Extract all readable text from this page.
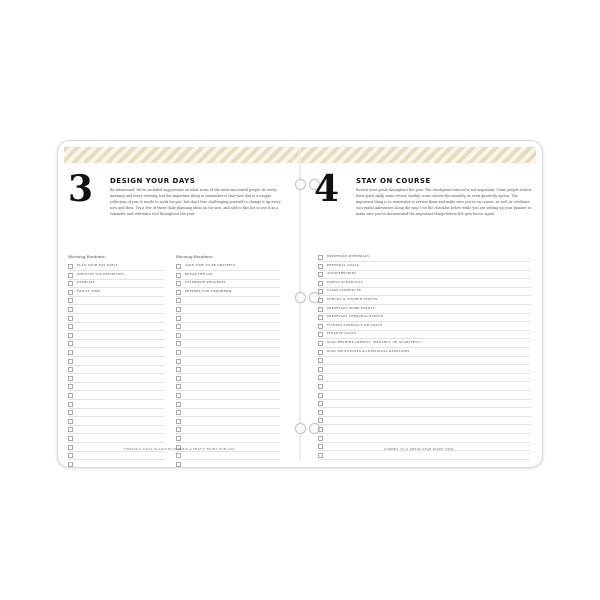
3 DESIGN YOUR DAYS

Be intentional. We've included suggestions on what some of the most successful people do every morning and every evening, but the important thing to remember is that your day is a unique reflection of you. It needs to work for you, but don't fear challenging yourself to change it up every now and then. Try a few of these daily planning ideas on for size, and add to this list to use it as a reminder and reference tool throughout the year.

Morning Routines:
PLAN YOUR DAY EARLY
IDENTIFY TOP PRIORITIES
EXERCISE
FAMILY TIME
Evening Routines:
TAKE TIME TO BE GRATEFUL
RECAP THE DAY
CELEBRATE PROGRESS
PREPARE FOR TOMORROW
CREATE A DAILY PLANNING FORMULA THAT'S RIGHT FOR YOU
4 STAY ON COURSE

Review your goals throughout the year. The checkpoint interval is not important. Some people review their goals daily, some review weekly, some choose the monthly, or even quarterly option. The important thing is to remember to review them and make sure you're on course, as well as celebrate successful milestones along the way. Use the checklist below while you are setting up your planner to make sure you've documented the important things before life gets hectic again.

IMPORTANT BIRTHDAYS
PERSONAL GOALS
ANNIVERSARIES
FAMILY SCHEDULES
CLASS SCHEDULES
SCHOOL & CHURCH EVENTS
IMPORTANT WORK EVENTS
IMPORTANT PERSONAL EVENTS
FITNESS SCHEDULE OR GOALS
FINANCE GOALS
GOAL REVIEWS (WEEKLY, MONTHLY, OR QUARTERLY)
GOAL MILESTONES & INDIVIDUAL DEADLINES
COMMIT TO A GREAT YEAR RIGHT NOW
